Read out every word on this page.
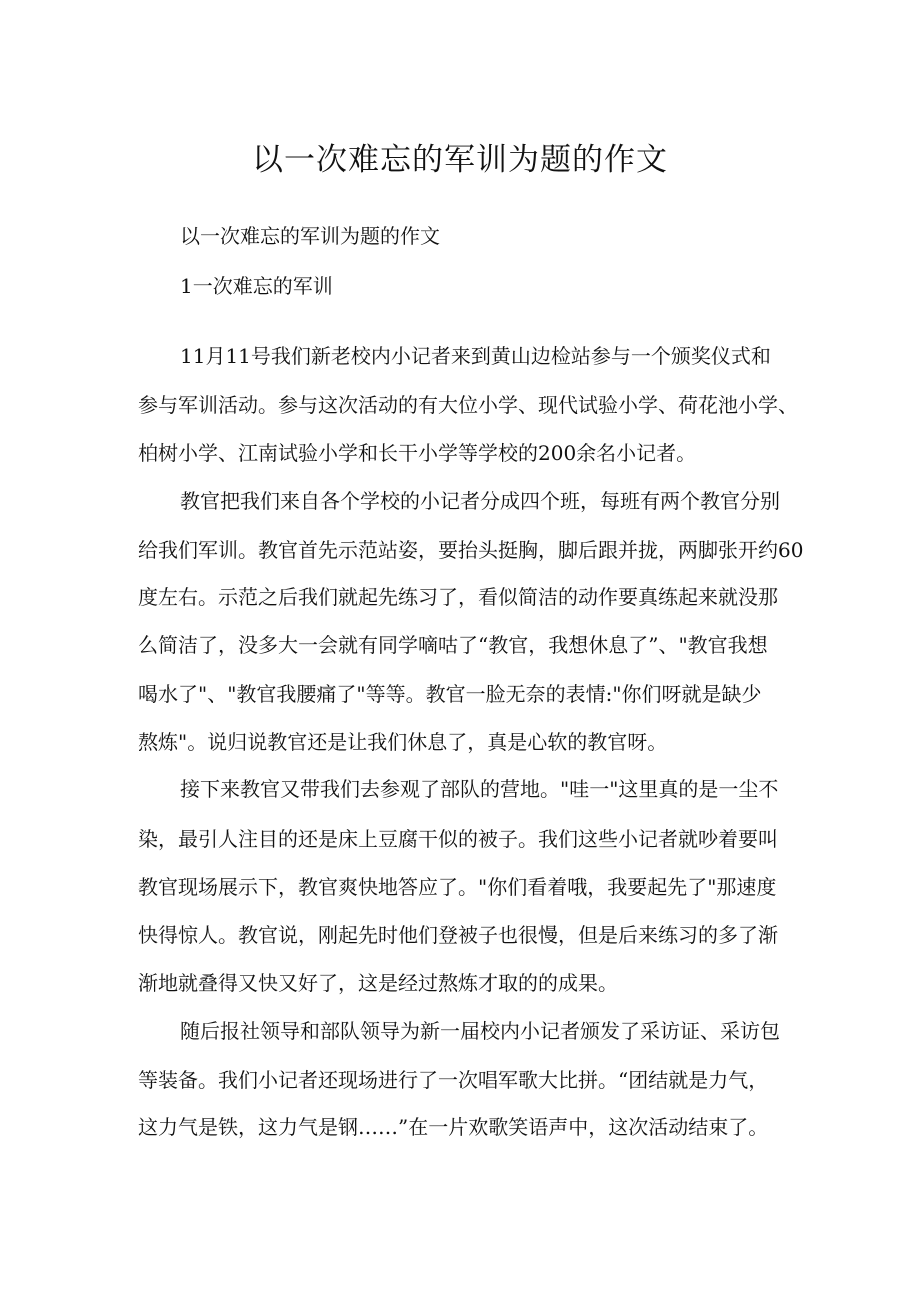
以一次难忘的军训为题的作文

以一次难忘的军训为题的作文

1一次难忘的军训

11月11号我们新老校内小记者来到黄山边检站参与一个颁奖仪式和

参与军训活动。参与这次活动的有大位小学、现代试验小学、荷花池小学、

柏树小学、江南试验小学和长干小学等学校的200余名小记者。

教官把我们来自各个学校的小记者分成四个班，每班有两个教官分别

给我们军训。教官首先示范站姿，要抬头挺胸，脚后跟并拢，两脚张开约60

度左右。示范之后我们就起先练习了，看似简洁的动作要真练起来就没那

么简洁了，没多大一会就有同学嘀咕了“教官，我想休息了”、"教官我想

喝水了"、"教官我腰痛了"等等。教官一脸无奈的表情:"你们呀就是缺少

熬炼"。说归说教官还是让我们休息了，真是心软的教官呀。

接下来教官又带我们去参观了部队的营地。"哇一"这里真的是一尘不

染，最引人注目的还是床上豆腐干似的被子。我们这些小记者就吵着要叫

教官现场展示下，教官爽快地答应了。"你们看着哦，我要起先了"那速度

快得惊人。教官说，刚起先时他们登被子也很慢，但是后来练习的多了渐

渐地就叠得又快又好了，这是经过熬炼才取的的成果。

随后报社领导和部队领导为新一届校内小记者颁发了采访证、采访包

等装备。我们小记者还现场进行了一次唱军歌大比拼。“团结就是力气，

这力气是铁，这力气是钢……”在一片欢歌笑语声中，这次活动结束了。
